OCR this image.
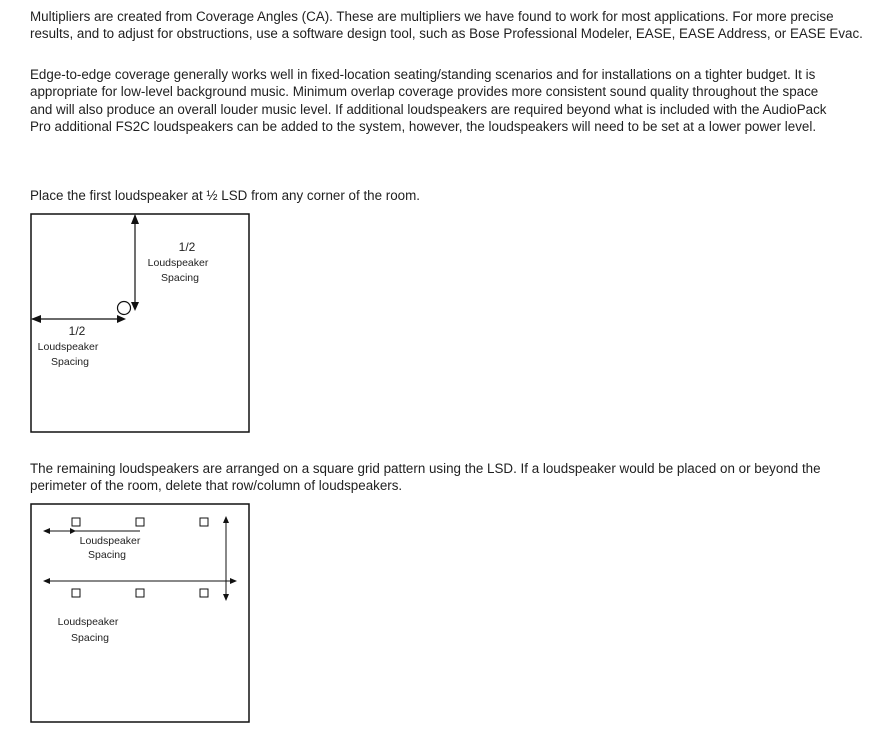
Multipliers are created from Coverage Angles (CA). These are multipliers we have found to work for most applications. For more precise results, and to adjust for obstructions, use a software design tool, such as Bose Professional Modeler, EASE, EASE Address, or EASE Evac.

Edge-to-edge coverage generally works well in fixed-location seating/standing scenarios and for installations on a tighter budget. It is appropriate for low-level background music. Minimum overlap coverage provides more consistent sound quality throughout the space and will also produce an overall louder music level. If additional loudspeakers are required beyond what is included with the AudioPack Pro additional FS2C loudspeakers can be added to the system, however, the loudspeakers will need to be set at a lower power level.

Place the first loudspeaker at ½ LSD from any corner of the room.

1/2
Loudspeaker
Spacing
1/2
Loudspeaker
Spacing

The remaining loudspeakers are arranged on a square grid pattern using the LSD. If a loudspeaker would be placed on or beyond the perimeter of the room, delete that row/column of loudspeakers.

Loudspeaker
Spacing
Loudspeaker
Spacing
